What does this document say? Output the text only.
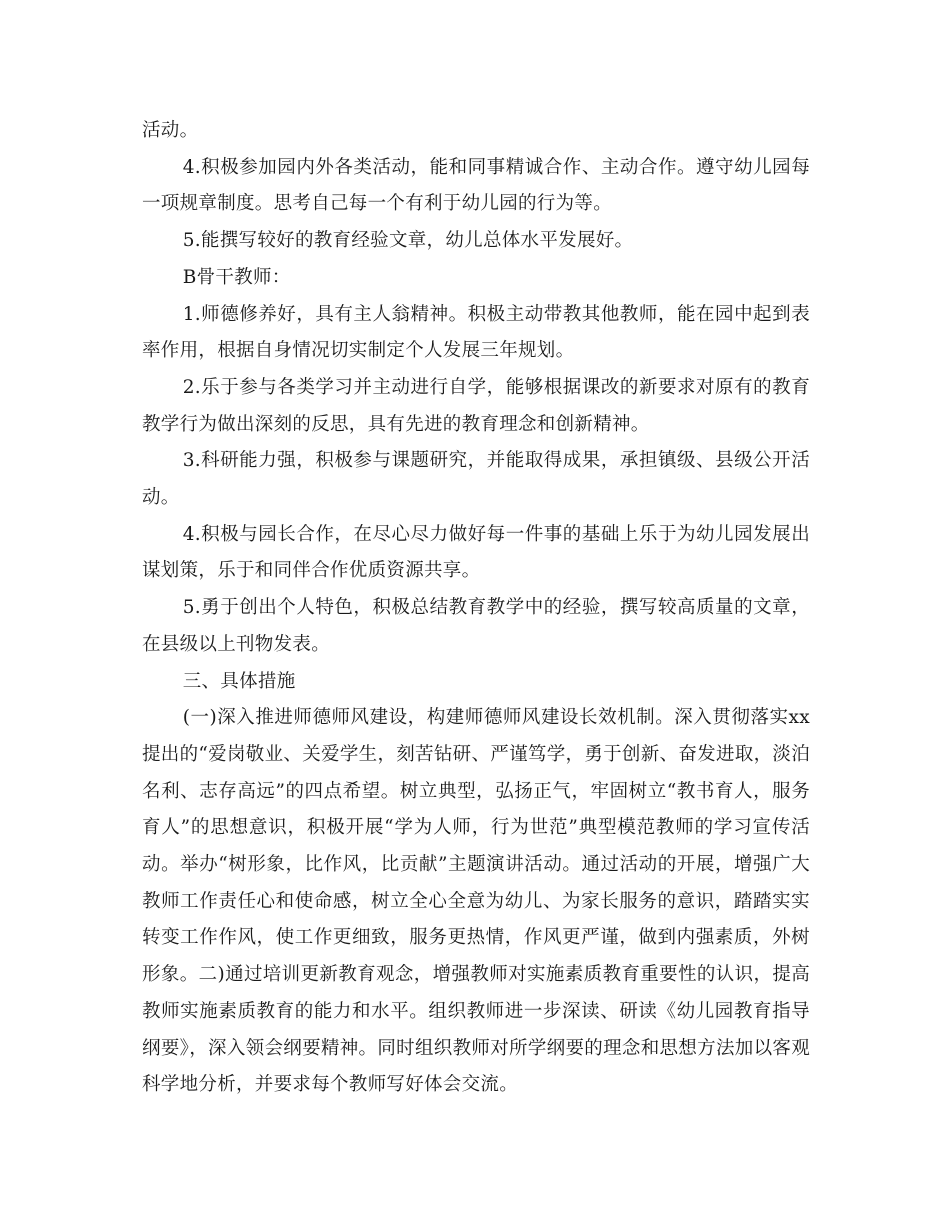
活动。

4.积极参加园内外各类活动，能和同事精诚合作、主动合作。遵守幼儿园每一项规章制度。思考自己每一个有利于幼儿园的行为等。

5.能撰写较好的教育经验文章，幼儿总体水平发展好。

B骨干教师：

1.师德修养好，具有主人翁精神。积极主动带教其他教师，能在园中起到表率作用，根据自身情况切实制定个人发展三年规划。

2.乐于参与各类学习并主动进行自学，能够根据课改的新要求对原有的教育教学行为做出深刻的反思，具有先进的教育理念和创新精神。

3.科研能力强，积极参与课题研究，并能取得成果，承担镇级、县级公开活动。

4.积极与园长合作，在尽心尽力做好每一件事的基础上乐于为幼儿园发展出谋划策，乐于和同伴合作优质资源共享。

5.勇于创出个人特色，积极总结教育教学中的经验，撰写较高质量的文章，在县级以上刊物发表。

三、具体措施

(一)深入推进师德师风建设，构建师德师风建设长效机制。深入贯彻落实xx提出的“爱岗敬业、关爱学生，刻苦钻研、严谨笃学，勇于创新、奋发进取，淡泊名利、志存高远”的四点希望。树立典型，弘扬正气，牢固树立“教书育人，服务育人”的思想意识，积极开展“学为人师，行为世范”典型模范教师的学习宣传活动。举办“树形象，比作风，比贡献”主题演讲活动。通过活动的开展，增强广大教师工作责任心和使命感，树立全心全意为幼儿、为家长服务的意识，踏踏实实转变工作作风，使工作更细致，服务更热情，作风更严谨，做到内强素质，外树形象。二)通过培训更新教育观念，增强教师对实施素质教育重要性的认识，提高教师实施素质教育的能力和水平。组织教师进一步深读、研读《幼儿园教育指导纲要》，深入领会纲要精神。同时组织教师对所学纲要的理念和思想方法加以客观科学地分析，并要求每个教师写好体会交流。
